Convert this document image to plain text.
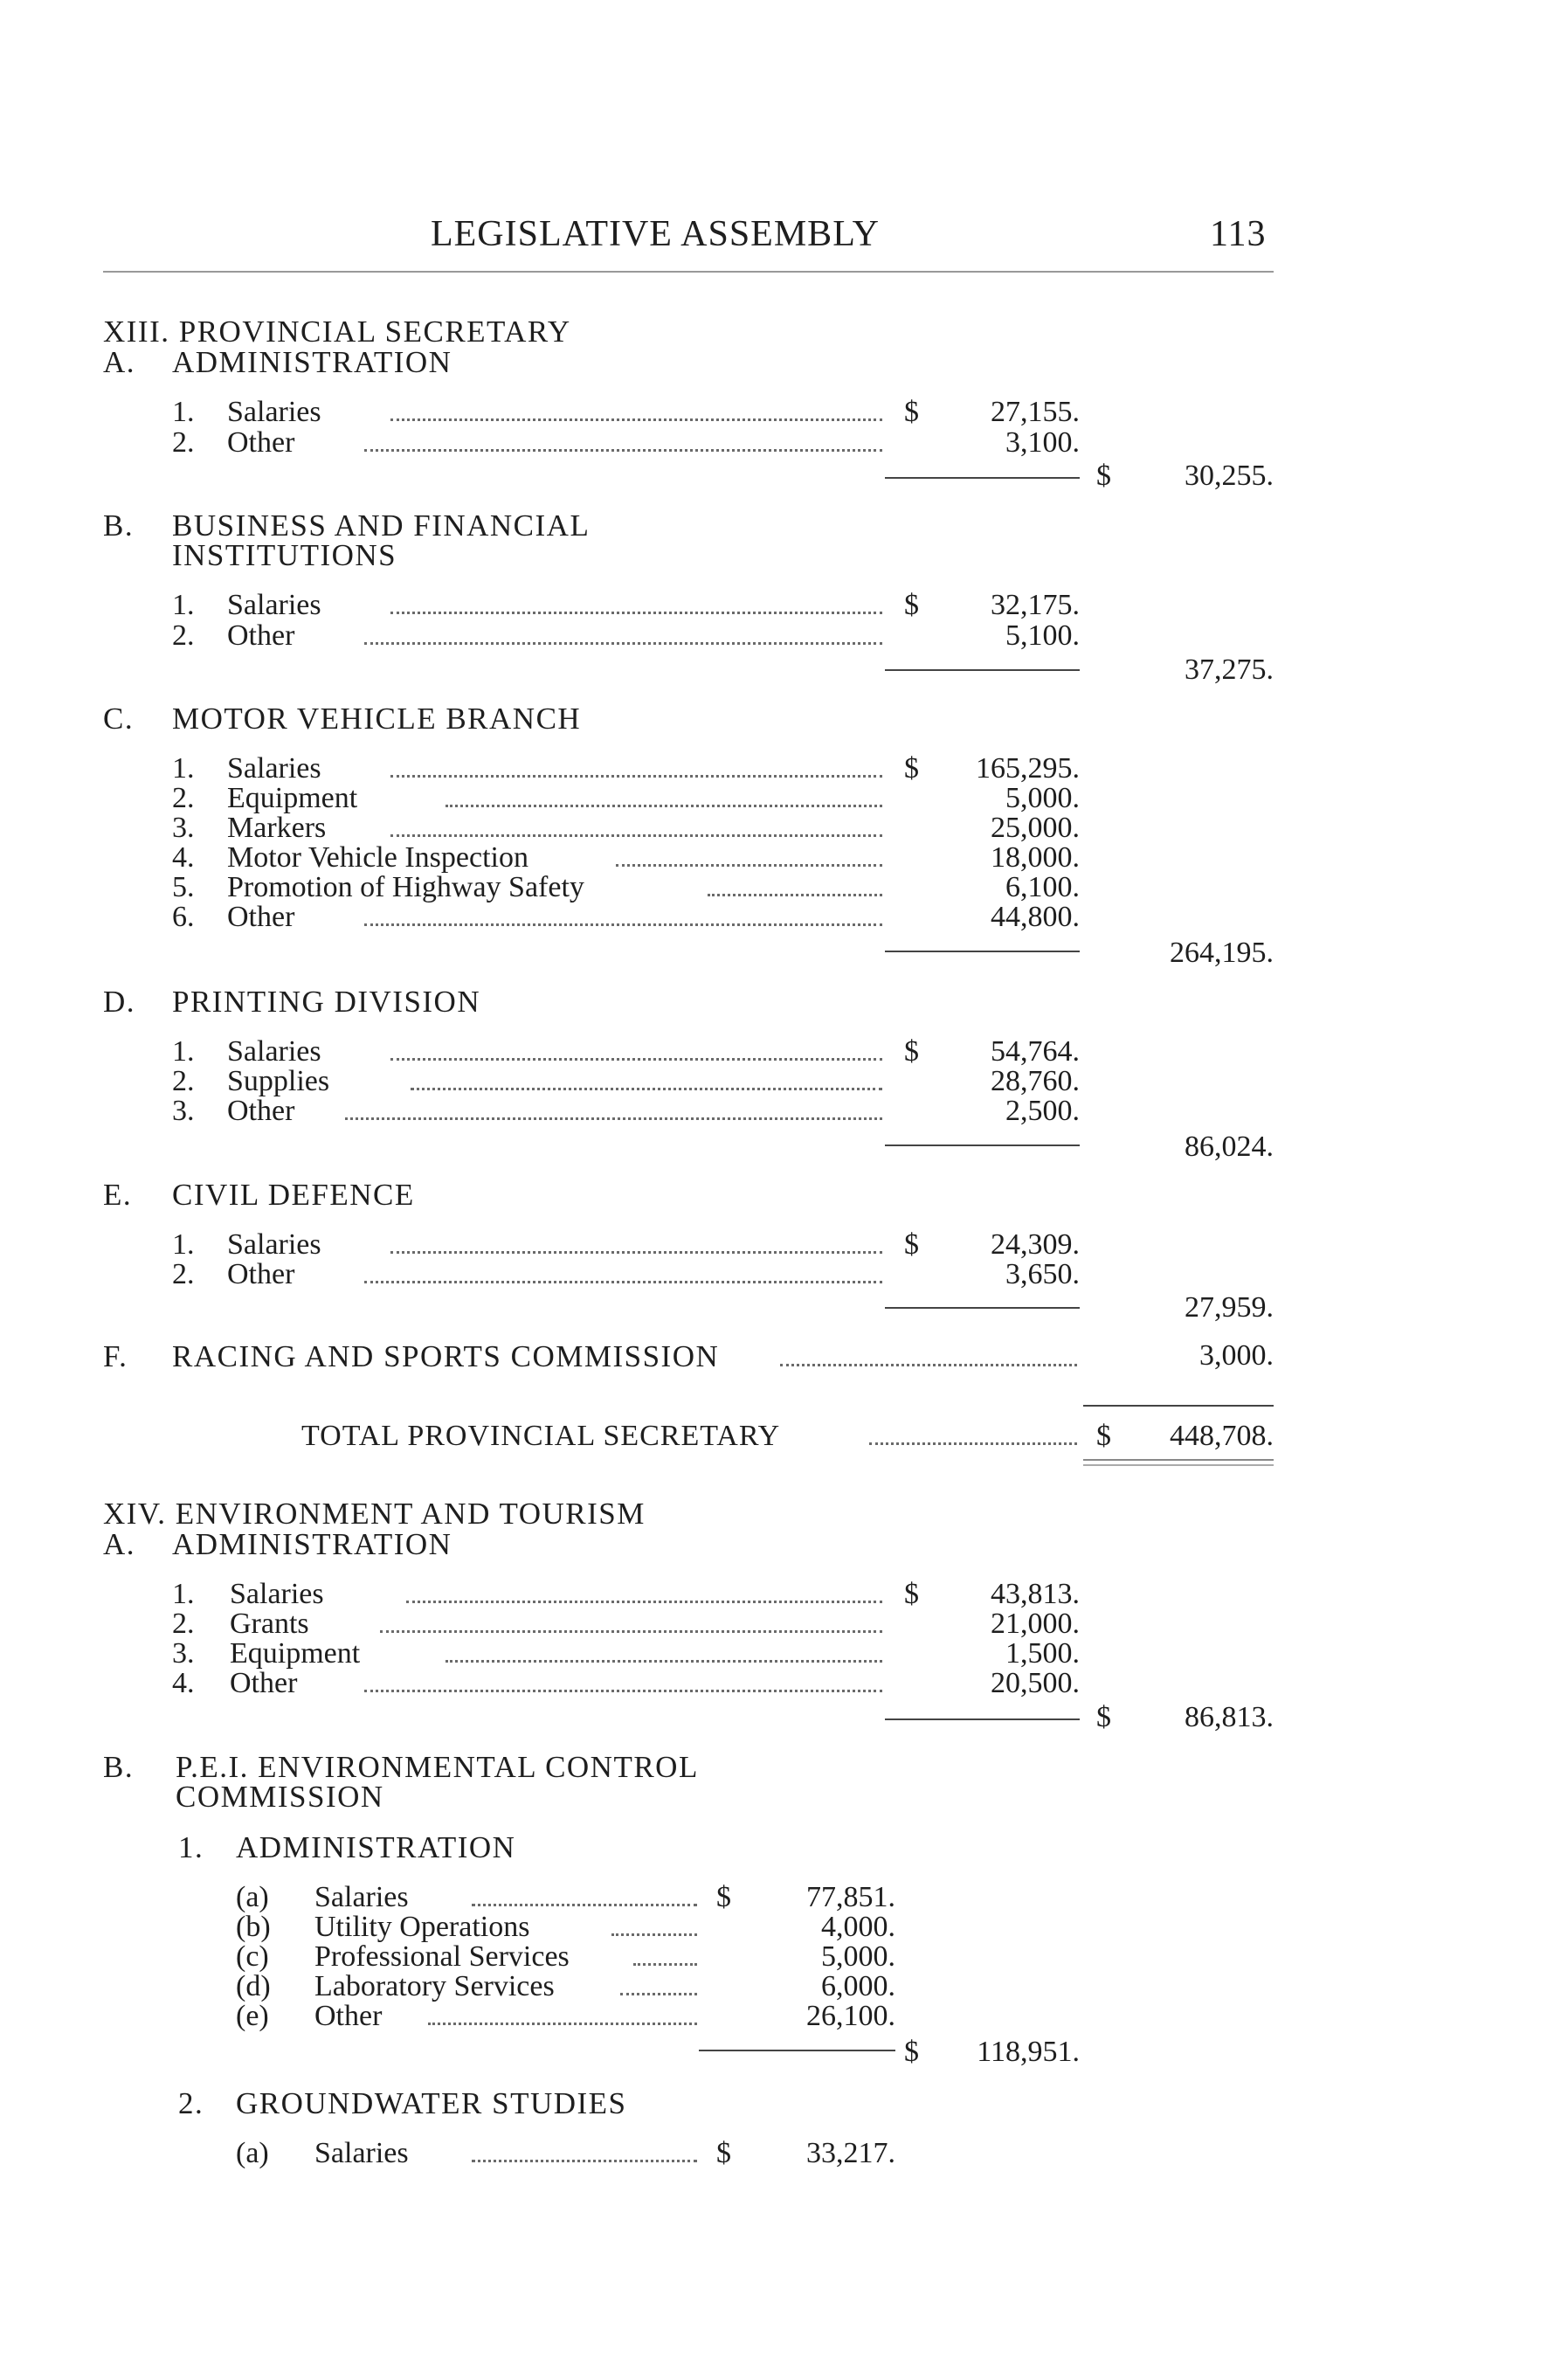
LEGISLATIVE ASSEMBLY	113
XIII. PROVINCIAL SECRETARY
A. ADMINISTRATION
1. Salaries	$	27,155.
2. Other	3,100.
$	30,255.
B. BUSINESS AND FINANCIAL
INSTITUTIONS
1. Salaries	$	32,175.
2. Other	5,100.
37,275.
C. MOTOR VEHICLE BRANCH
1. Salaries	$	165,295.
2. Equipment	5,000.
3. Markers	25,000.
4. Motor Vehicle Inspection	18,000.
5. Promotion of Highway Safety	6,100.
6. Other	44,800.
264,195.
D. PRINTING DIVISION
1. Salaries	$	54,764.
2. Supplies	28,760.
3. Other	2,500.
86,024.
E. CIVIL DEFENCE
1. Salaries	$	24,309.
2. Other	3,650.
27,959.
F. RACING AND SPORTS COMMISSION	3,000.
TOTAL PROVINCIAL SECRETARY	$	448,708.
XIV. ENVIRONMENT AND TOURISM
A. ADMINISTRATION
1. Salaries	$	43,813.
2. Grants	21,000.
3. Equipment	1,500.
4. Other	20,500.
$	86,813.
B. P.E.I. ENVIRONMENTAL CONTROL
COMMISSION
1. ADMINISTRATION
(a) Salaries	$	77,851.
(b) Utility Operations	4,000.
(c) Professional Services	5,000.
(d) Laboratory Services	6,000.
(e) Other	26,100.
$	118,951.
2. GROUNDWATER STUDIES
(a) Salaries	$	33,217.
